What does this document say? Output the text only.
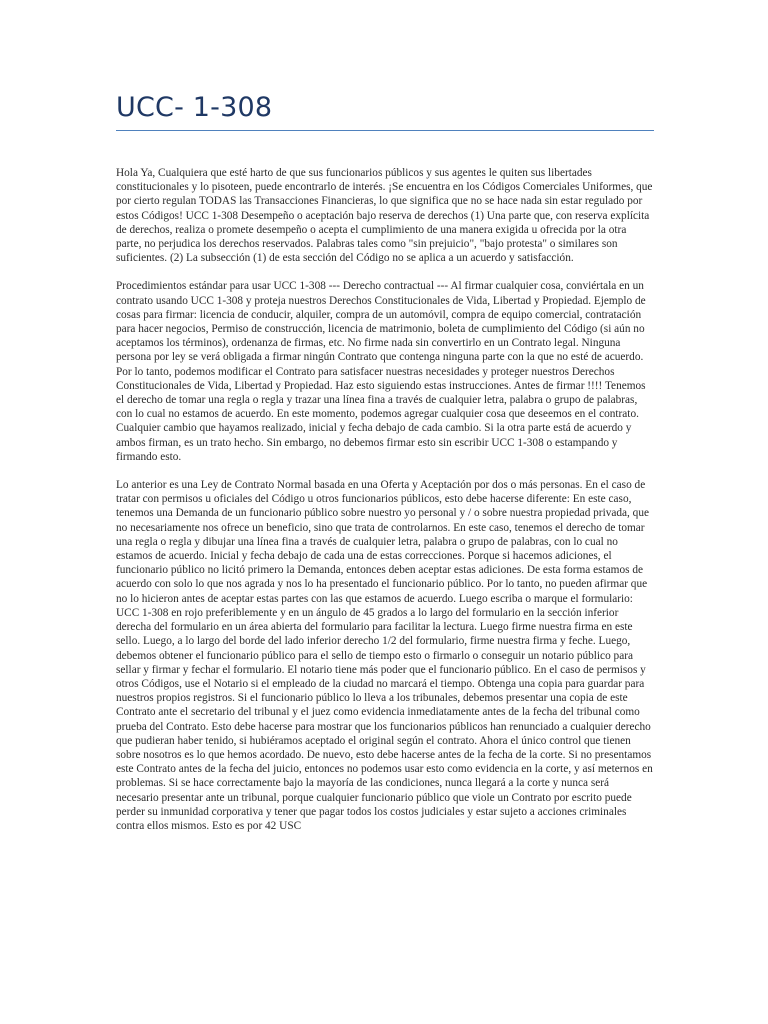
UCC- 1-308

Hola Ya, Cualquiera que esté harto de que sus funcionarios públicos y sus agentes le quiten sus libertades constitucionales y lo pisoteen, puede encontrarlo de interés. ¡Se encuentra en los Códigos Comerciales Uniformes, que por cierto regulan TODAS las Transacciones Financieras, lo que significa que no se hace nada sin estar regulado por estos Códigos! UCC 1-308 Desempeño o aceptación bajo reserva de derechos (1) Una parte que, con reserva explícita de derechos, realiza o promete desempeño o acepta el cumplimiento de una manera exigida u ofrecida por la otra parte, no perjudica los derechos reservados. Palabras tales como "sin prejuicio", "bajo protesta" o similares son suficientes. (2) La subsección (1) de esta sección del Código no se aplica a un acuerdo y satisfacción.

Procedimientos estándar para usar UCC 1-308 --- Derecho contractual --- Al firmar cualquier cosa, conviértala en un contrato usando UCC 1-308 y proteja nuestros Derechos Constitucionales de Vida, Libertad y Propiedad. Ejemplo de cosas para firmar: licencia de conducir, alquiler, compra de un automóvil, compra de equipo comercial, contratación para hacer negocios, Permiso de construcción, licencia de matrimonio, boleta de cumplimiento del Código (si aún no aceptamos los términos), ordenanza de firmas, etc. No firme nada sin convertirlo en un Contrato legal. Ninguna persona por ley se verá obligada a firmar ningún Contrato que contenga ninguna parte con la que no esté de acuerdo. Por lo tanto, podemos modificar el Contrato para satisfacer nuestras necesidades y proteger nuestros Derechos Constitucionales de Vida, Libertad y Propiedad. Haz esto siguiendo estas instrucciones. Antes de firmar !!!! Tenemos el derecho de tomar una regla o regla y trazar una línea fina a través de cualquier letra, palabra o grupo de palabras, con lo cual no estamos de acuerdo. En este momento, podemos agregar cualquier cosa que deseemos en el contrato. Cualquier cambio que hayamos realizado, inicial y fecha debajo de cada cambio. Si la otra parte está de acuerdo y ambos firman, es un trato hecho. Sin embargo, no debemos firmar esto sin escribir UCC 1-308 o estampando y firmando esto.

Lo anterior es una Ley de Contrato Normal basada en una Oferta y Aceptación por dos o más personas. En el caso de tratar con permisos u oficiales del Código u otros funcionarios públicos, esto debe hacerse diferente: En este caso, tenemos una Demanda de un funcionario público sobre nuestro yo personal y / o sobre nuestra propiedad privada, que no necesariamente nos ofrece un beneficio, sino que trata de controlarnos. En este caso, tenemos el derecho de tomar una regla o regla y dibujar una línea fina a través de cualquier letra, palabra o grupo de palabras, con lo cual no estamos de acuerdo. Inicial y fecha debajo de cada una de estas correcciones. Porque si hacemos adiciones, el funcionario público no licitó primero la Demanda, entonces deben aceptar estas adiciones. De esta forma estamos de acuerdo con solo lo que nos agrada y nos lo ha presentado el funcionario público. Por lo tanto, no pueden afirmar que no lo hicieron antes de aceptar estas partes con las que estamos de acuerdo. Luego escriba o marque el formulario: UCC 1-308 en rojo preferiblemente y en un ángulo de 45 grados a lo largo del formulario en la sección inferior derecha del formulario en un área abierta del formulario para facilitar la lectura. Luego firme nuestra firma en este sello. Luego, a lo largo del borde del lado inferior derecho 1/2 del formulario, firme nuestra firma y feche. Luego, debemos obtener el funcionario público para el sello de tiempo esto o firmarlo o conseguir un notario público para sellar y firmar y fechar el formulario. El notario tiene más poder que el funcionario público. En el caso de permisos y otros Códigos, use el Notario si el empleado de la ciudad no marcará el tiempo. Obtenga una copia para guardar para nuestros propios registros. Si el funcionario público lo lleva a los tribunales, debemos presentar una copia de este Contrato ante el secretario del tribunal y el juez como evidencia inmediatamente antes de la fecha del tribunal como prueba del Contrato. Esto debe hacerse para mostrar que los funcionarios públicos han renunciado a cualquier derecho que pudieran haber tenido, si hubiéramos aceptado el original según el contrato. Ahora el único control que tienen sobre nosotros es lo que hemos acordado. De nuevo, esto debe hacerse antes de la fecha de la corte. Si no presentamos este Contrato antes de la fecha del juicio, entonces no podemos usar esto como evidencia en la corte, y así meternos en problemas. Si se hace correctamente bajo la mayoría de las condiciones, nunca llegará a la corte y nunca será necesario presentar ante un tribunal, porque cualquier funcionario público que viole un Contrato por escrito puede perder su inmunidad corporativa y tener que pagar todos los costos judiciales y estar sujeto a acciones criminales contra ellos mismos. Esto es por 42 USC
